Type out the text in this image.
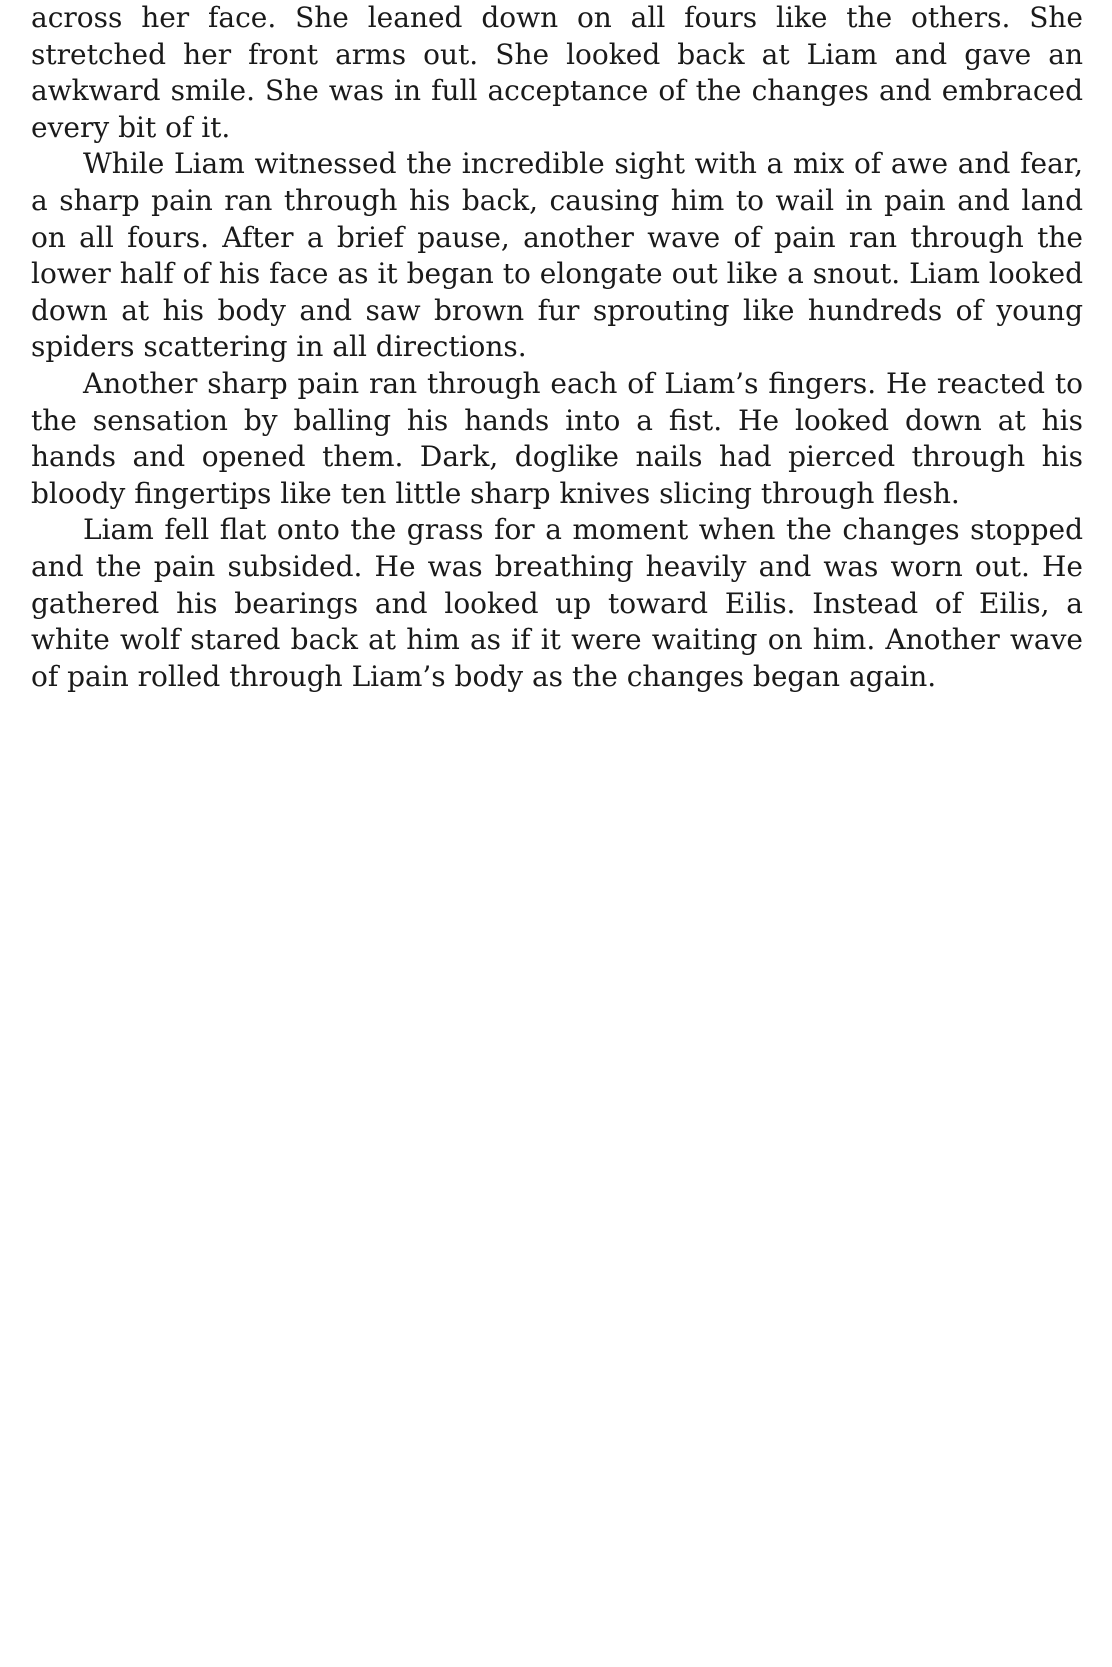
across her face. She leaned down on all fours like the others. She stretched her front arms out. She looked back at Liam and gave an awkward smile. She was in full acceptance of the changes and embraced every bit of it.

While Liam witnessed the incredible sight with a mix of awe and fear, a sharp pain ran through his back, causing him to wail in pain and land on all fours. After a brief pause, another wave of pain ran through the lower half of his face as it began to elongate out like a snout. Liam looked down at his body and saw brown fur sprouting like hundreds of young spiders scattering in all directions.

Another sharp pain ran through each of Liam’s fingers. He reacted to the sensation by balling his hands into a fist. He looked down at his hands and opened them. Dark, doglike nails had pierced through his bloody fingertips like ten little sharp knives slicing through flesh.

Liam fell flat onto the grass for a moment when the changes stopped and the pain subsided. He was breathing heavily and was worn out. He gathered his bearings and looked up toward Eilis. Instead of Eilis, a white wolf stared back at him as if it were waiting on him. Another wave of pain rolled through Liam’s body as the changes began again.
